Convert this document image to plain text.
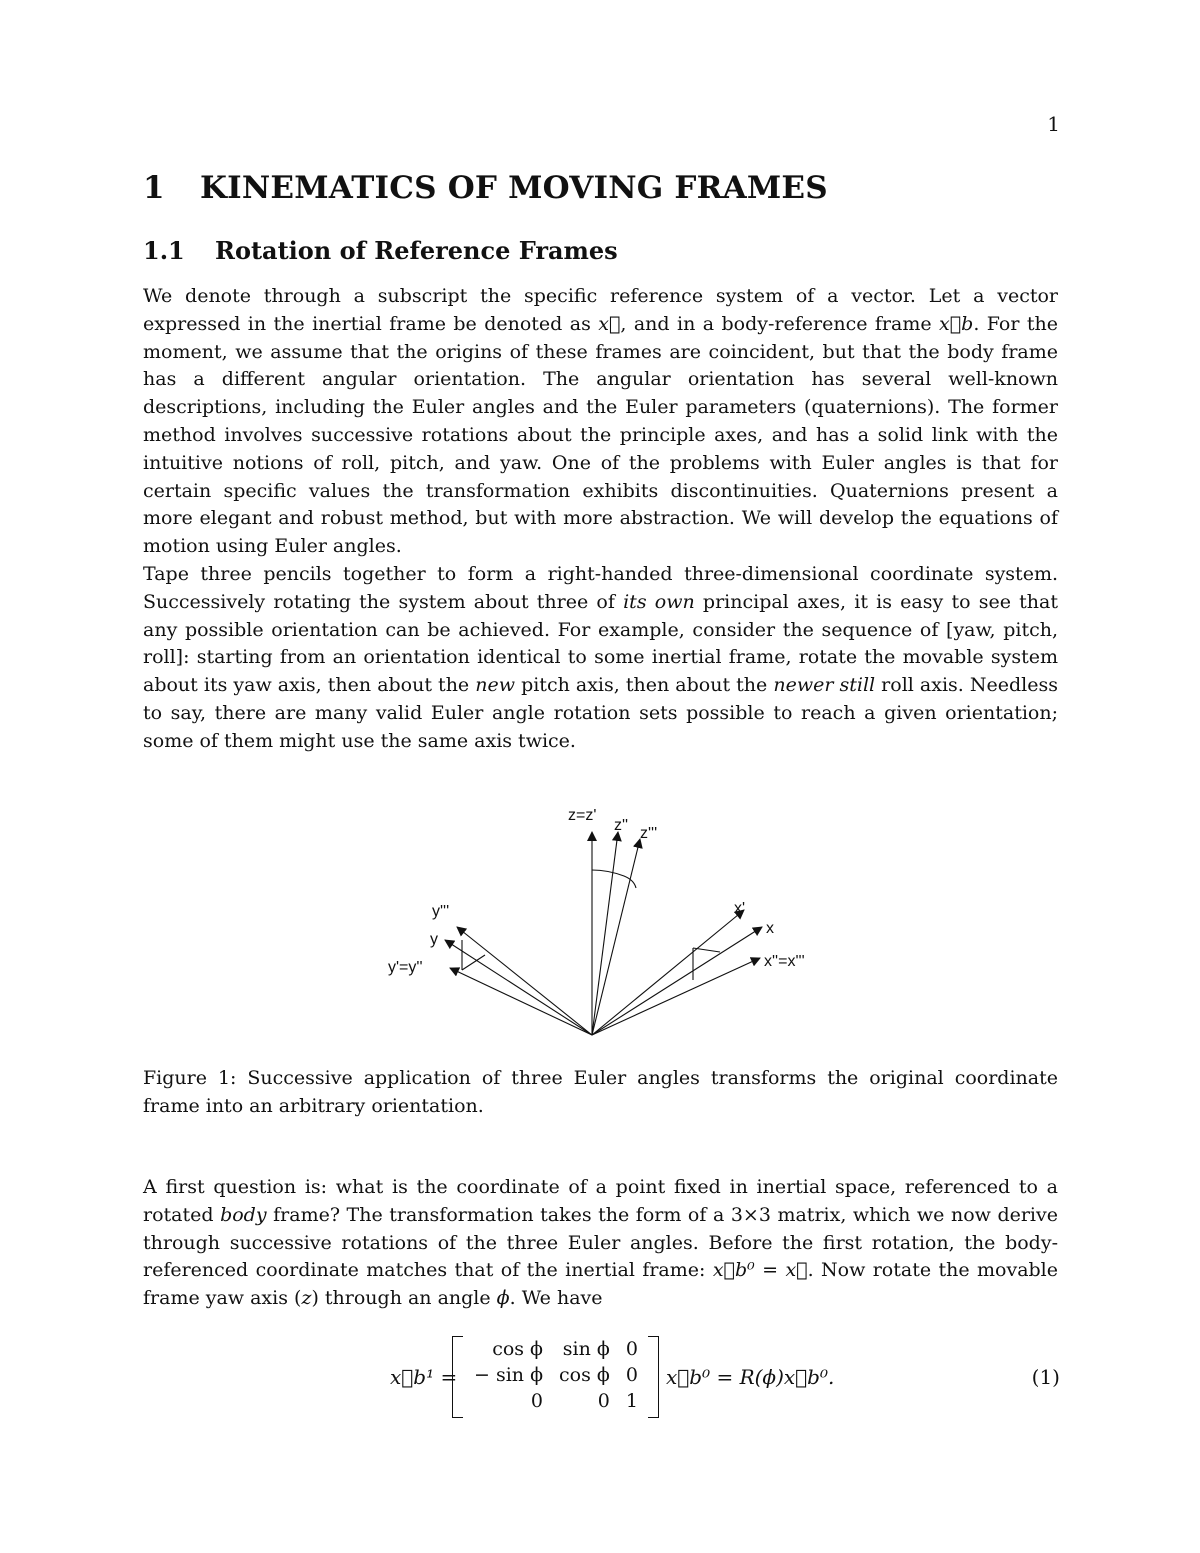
1
1 KINEMATICS OF MOVING FRAMES
1.1 Rotation of Reference Frames

We denote through a subscript the specific reference system of a vector. Let a vector expressed in the inertial frame be denoted as x⃗, and in a body-reference frame x⃗b. For the moment, we assume that the origins of these frames are coincident, but that the body frame has a different angular orientation. The angular orientation has several well-known descriptions, including the Euler angles and the Euler parameters (quaternions). The former method involves successive rotations about the principle axes, and has a solid link with the intuitive notions of roll, pitch, and yaw. One of the problems with Euler angles is that for certain specific values the transformation exhibits discontinuities. Quaternions present a more elegant and robust method, but with more abstraction. We will develop the equations of motion using Euler angles.

Tape three pencils together to form a right-handed three-dimensional coordinate system. Successively rotating the system about three of its own principal axes, it is easy to see that any possible orientation can be achieved. For example, consider the sequence of [yaw, pitch, roll]: starting from an orientation identical to some inertial frame, rotate the movable system about its yaw axis, then about the new pitch axis, then about the newer still roll axis. Needless to say, there are many valid Euler angle rotation sets possible to reach a given orientation; some of them might use the same axis twice.

z=z'
z'' z'''
y'''
y
y'=y''
x'
x
x''=x'''
Figure 1: Successive application of three Euler angles transforms the original coordinate frame into an arbitrary orientation.

A first question is: what is the coordinate of a point fixed in inertial space, referenced to a rotated body frame? The transformation takes the form of a 3×3 matrix, which we now derive through successive rotations of the three Euler angles. Before the first rotation, the body-referenced coordinate matches that of the inertial frame: x⃗b⁰ = x⃗. Now rotate the movable frame yaw axis (z) through an angle ϕ. We have

x⃗b¹ =
cos ϕ	sin ϕ	0
− sin ϕ	cos ϕ	0
0	0	1
x⃗b⁰ = R(ϕ)x⃗b⁰.	(1)
